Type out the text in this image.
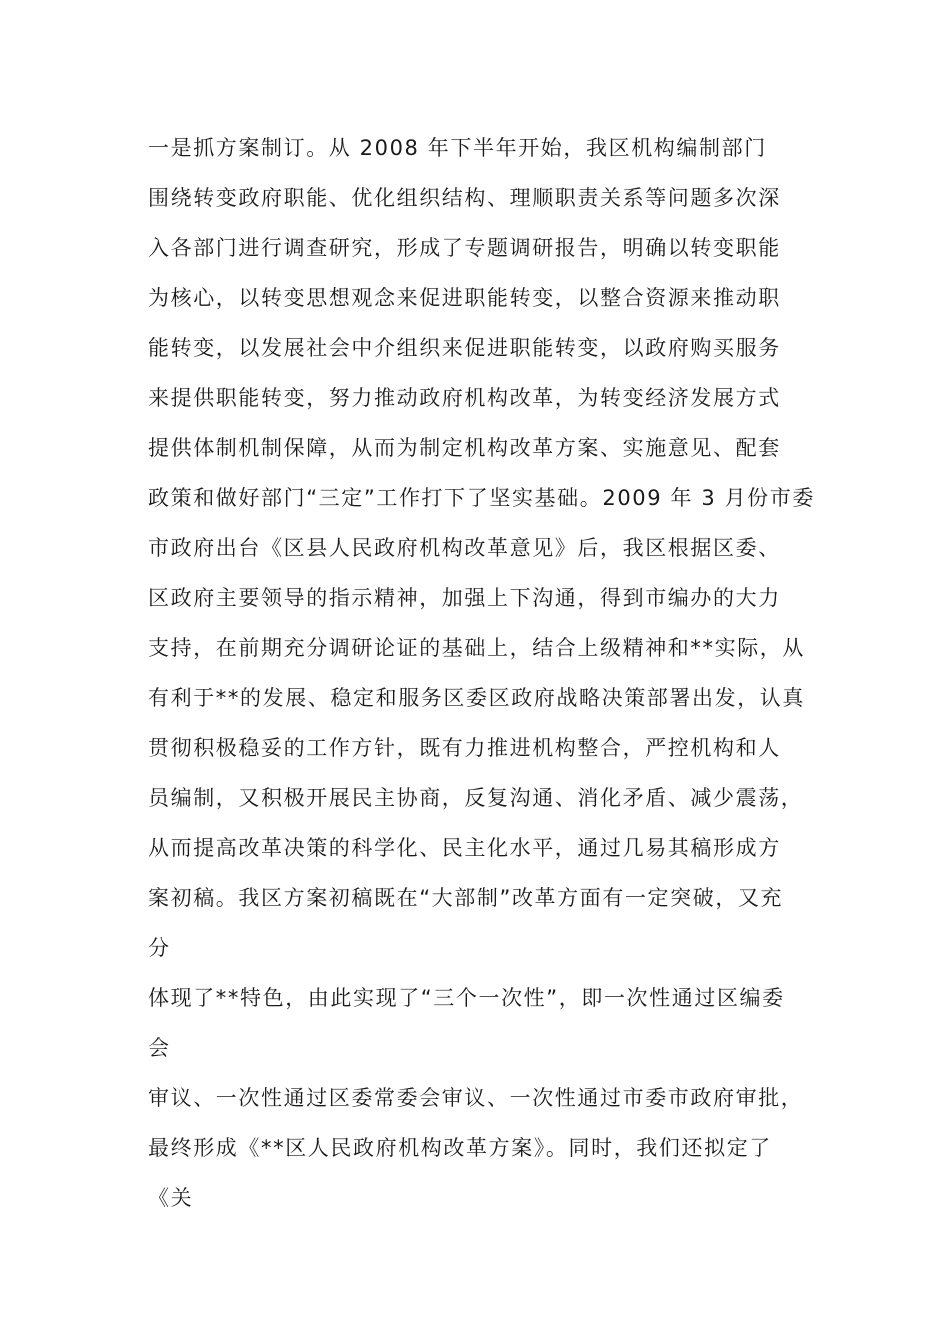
一是抓方案制订。从 2008 年下半年开始，我区机构编制部门

围绕转变政府职能、优化组织结构、理顺职责关系等问题多次深

入各部门进行调查研究，形成了专题调研报告，明确以转变职能

为核心，以转变思想观念来促进职能转变，以整合资源来推动职

能转变，以发展社会中介组织来促进职能转变，以政府购买服务

来提供职能转变，努力推动政府机构改革，为转变经济发展方式

提供体制机制保障，从而为制定机构改革方案、实施意见、配套

政策和做好部门“三定”工作打下了坚实基础。2009 年 3 月份市委

市政府出台《区县人民政府机构改革意见》后，我区根据区委、

区政府主要领导的指示精神，加强上下沟通，得到市编办的大力

支持，在前期充分调研论证的基础上，结合上级精神和**实际，从

有利于**的发展、稳定和服务区委区政府战略决策部署出发，认真

贯彻积极稳妥的工作方针，既有力推进机构整合，严控机构和人

员编制，又积极开展民主协商，反复沟通、消化矛盾、减少震荡，

从而提高改革决策的科学化、民主化水平，通过几易其稿形成方

案初稿。我区方案初稿既在“大部制”改革方面有一定突破，又充

分

体现了**特色，由此实现了“三个一次性”，即一次性通过区编委

会

审议、一次性通过区委常委会审议、一次性通过市委市政府审批，

最终形成《**区人民政府机构改革方案》。同时，我们还拟定了

《关
